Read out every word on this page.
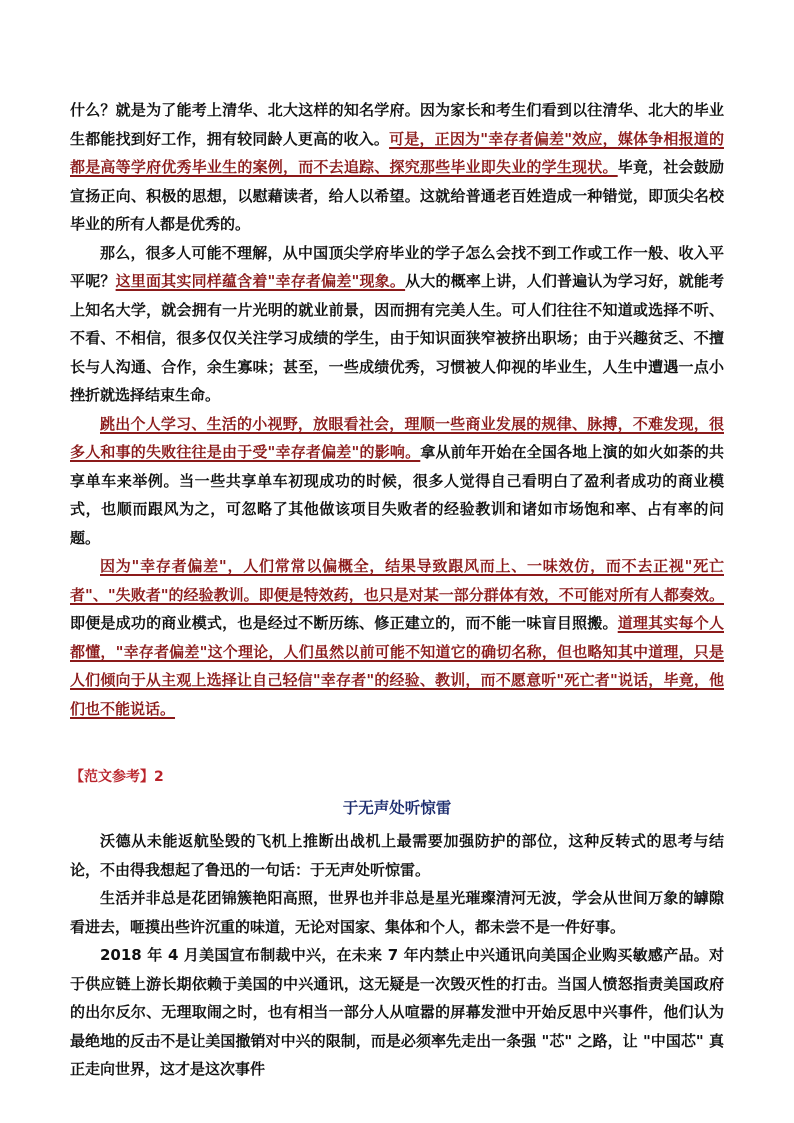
什么？就是为了能考上清华、北大这样的知名学府。因为家长和考生们看到以往清华、北大的毕业生都能找到好工作，拥有较同龄人更高的收入。可是，正因为"幸存者偏差"效应，媒体争相报道的都是高等学府优秀毕业生的案例，而不去追踪、探究那些毕业即失业的学生现状。毕竟，社会鼓励宣扬正向、积极的思想，以慰藉读者，给人以希望。这就给普通老百姓造成一种错觉，即顶尖名校毕业的所有人都是优秀的。

那么，很多人可能不理解，从中国顶尖学府毕业的学子怎么会找不到工作或工作一般、收入平平呢？这里面其实同样蕴含着"幸存者偏差"现象。从大的概率上讲，人们普遍认为学习好，就能考上知名大学，就会拥有一片光明的就业前景，因而拥有完美人生。可人们往往不知道或选择不听、不看、不相信，很多仅仅关注学习成绩的学生，由于知识面狭窄被挤出职场；由于兴趣贫乏、不擅长与人沟通、合作，余生寡味；甚至，一些成绩优秀，习惯被人仰视的毕业生，人生中遭遇一点小挫折就选择结束生命。

跳出个人学习、生活的小视野，放眼看社会，理顺一些商业发展的规律、脉搏，不难发现，很多人和事的失败往往是由于受"幸存者偏差"的影响。拿从前年开始在全国各地上演的如火如荼的共享单车来举例。当一些共享单车初现成功的时候，很多人觉得自己看明白了盈利者成功的商业模式，也顺而跟风为之，可忽略了其他做该项目失败者的经验教训和诸如市场饱和率、占有率的问题。

因为"幸存者偏差"，人们常常以偏概全，结果导致跟风而上、一味效仿，而不去正视"死亡者"、"失败者"的经验教训。即便是特效药，也只是对某一部分群体有效，不可能对所有人都奏效。即便是成功的商业模式，也是经过不断历练、修正建立的，而不能一味盲目照搬。道理其实每个人都懂，"幸存者偏差"这个理论，人们虽然以前可能不知道它的确切名称，但也略知其中道理，只是人们倾向于从主观上选择让自己轻信"幸存者"的经验、教训，而不愿意听"死亡者"说话，毕竟，他们也不能说话。

【范文参考】2
于无声处听惊雷

沃德从未能返航坠毁的飞机上推断出战机上最需要加强防护的部位，这种反转式的思考与结论，不由得我想起了鲁迅的一句话：于无声处听惊雷。

生活并非总是花团锦簇艳阳高照，世界也并非总是星光璀璨清河无波，学会从世间万象的罅隙看进去，咂摸出些许沉重的味道，无论对国家、集体和个人，都未尝不是一件好事。

2018 年 4 月美国宣布制裁中兴，在未来 7 年内禁止中兴通讯向美国企业购买敏感产品。对于供应链上游长期依赖于美国的中兴通讯，这无疑是一次毁灭性的打击。当国人愤怒指责美国政府的出尔反尔、无理取闹之时，也有相当一部分人从喧嚣的屏幕发泄中开始反思中兴事件，他们认为最绝地的反击不是让美国撤销对中兴的限制，而是必须率先走出一条强 "芯" 之路，让 "中国芯" 真正走向世界，这才是这次事件
